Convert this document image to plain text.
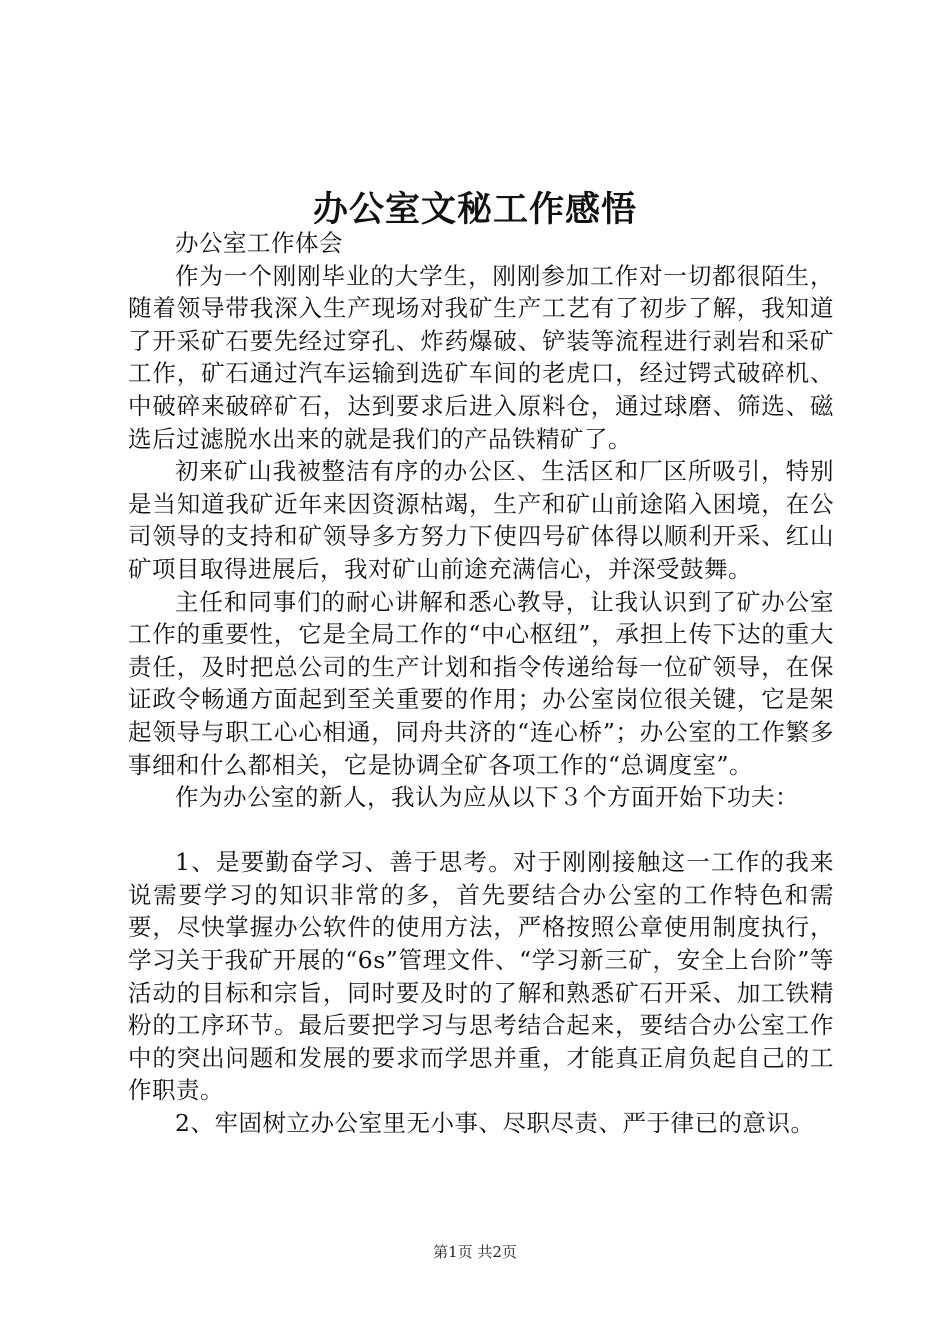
办公室文秘工作感悟

办公室工作体会

作为一个刚刚毕业的大学生，刚刚参加工作对一切都很陌生，随着领导带我深入生产现场对我矿生产工艺有了初步了解，我知道了开采矿石要先经过穿孔、炸药爆破、铲装等流程进行剥岩和采矿工作，矿石通过汽车运输到选矿车间的老虎口，经过锷式破碎机、中破碎来破碎矿石，达到要求后进入原料仓，通过球磨、筛选、磁选后过滤脱水出来的就是我们的产品铁精矿了。

初来矿山我被整洁有序的办公区、生活区和厂区所吸引，特别是当知道我矿近年来因资源枯竭，生产和矿山前途陷入困境，在公司领导的支持和矿领导多方努力下使四号矿体得以顺利开采、红山矿项目取得进展后，我对矿山前途充满信心，并深受鼓舞。

主任和同事们的耐心讲解和悉心教导，让我认识到了矿办公室工作的重要性，它是全局工作的“中心枢纽”，承担上传下达的重大责任，及时把总公司的生产计划和指令传递给每一位矿领导，在保证政令畅通方面起到至关重要的作用；办公室岗位很关键，它是架起领导与职工心心相通，同舟共济的“连心桥”；办公室的工作繁多事细和什么都相关，它是协调全矿各项工作的“总调度室”。

作为办公室的新人，我认为应从以下３个方面开始下功夫：

1、是要勤奋学习、善于思考。对于刚刚接触这一工作的我来说需要学习的知识非常的多，首先要结合办公室的工作特色和需要，尽快掌握办公软件的使用方法，严格按照公章使用制度执行，学习关于我矿开展的“6s”管理文件、“学习新三矿，安全上台阶”等活动的目标和宗旨，同时要及时的了解和熟悉矿石开采、加工铁精粉的工序环节。最后要把学习与思考结合起来，要结合办公室工作中的突出问题和发展的要求而学思并重，才能真正肩负起自己的工作职责。

2、牢固树立办公室里无小事、尽职尽责、严于律已的意识。

第1页 共2页
